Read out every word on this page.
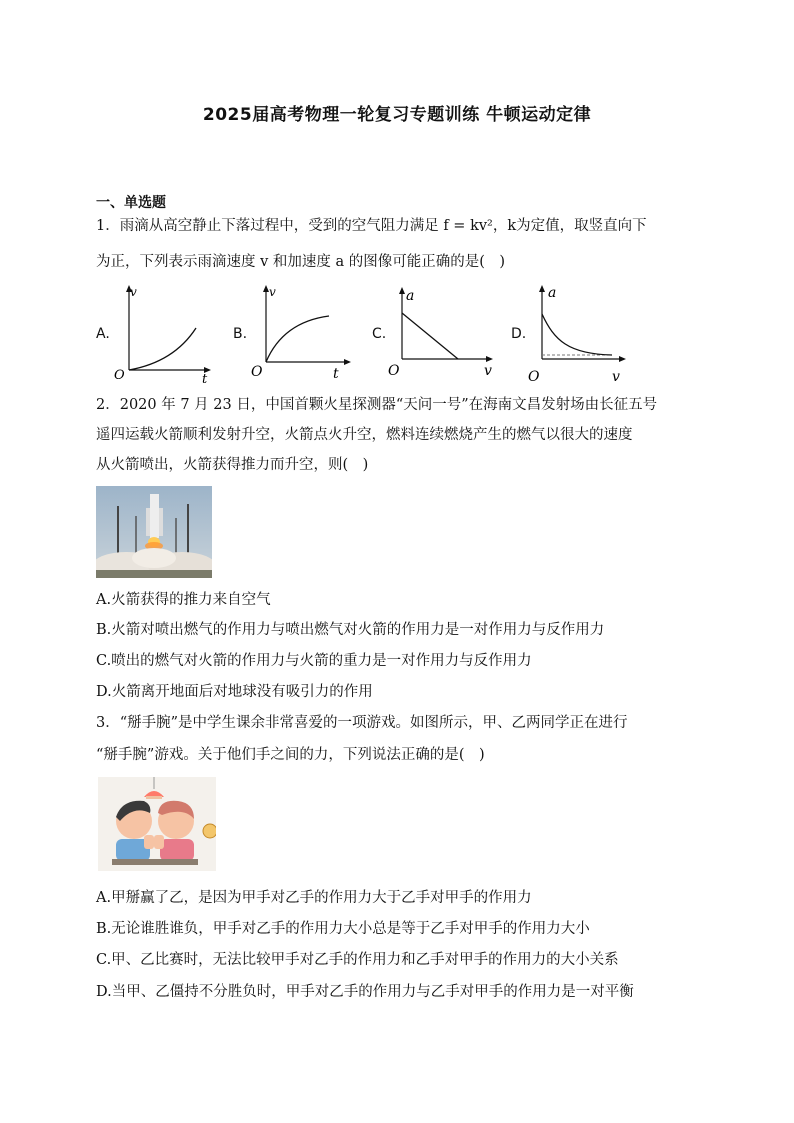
2025届高考物理一轮复习专题训练 牛顿运动定律
一、单选题
1．雨滴从高空静止下落过程中，受到的空气阻力满足 f = kv²，k为定值，取竖直向下
为正，下列表示雨滴速度 v 和加速度 a 的图像可能正确的是(　)
A.
v
t
O
B.
v
t
O
C.
a
v
O
D.
a
v
O
2．2020 年 7 月 23 日，中国首颗火星探测器“天问一号”在海南文昌发射场由长征五号
遥四运载火箭顺利发射升空，火箭点火升空，燃料连续燃烧产生的燃气以很大的速度
从火箭喷出，火箭获得推力而升空，则(　)
A.火箭获得的推力来自空气
B.火箭对喷出燃气的作用力与喷出燃气对火箭的作用力是一对作用力与反作用力
C.喷出的燃气对火箭的作用力与火箭的重力是一对作用力与反作用力
D.火箭离开地面后对地球没有吸引力的作用
3．“掰手腕”是中学生课余非常喜爱的一项游戏。如图所示，甲、乙两同学正在进行
“掰手腕”游戏。关于他们手之间的力，下列说法正确的是(　)
A.甲掰赢了乙，是因为甲手对乙手的作用力大于乙手对甲手的作用力
B.无论谁胜谁负，甲手对乙手的作用力大小总是等于乙手对甲手的作用力大小
C.甲、乙比赛时，无法比较甲手对乙手的作用力和乙手对甲手的作用力的大小关系
D.当甲、乙僵持不分胜负时，甲手对乙手的作用力与乙手对甲手的作用力是一对平衡
